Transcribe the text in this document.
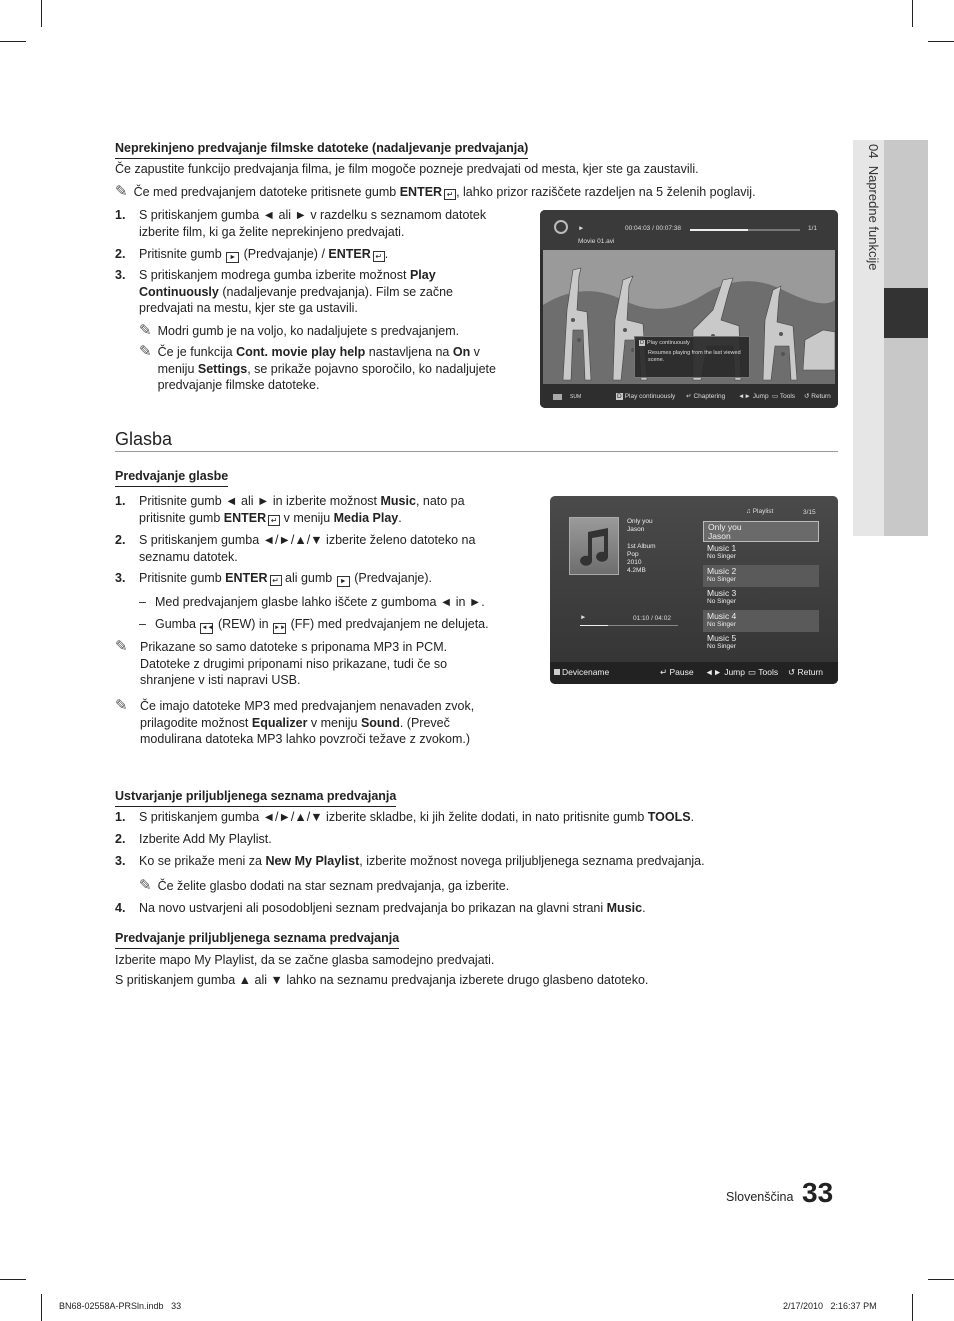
04  Napredne funkcije
Neprekinjeno predvajanje filmske datoteke (nadaljevanje predvajanja)
Če zapustite funkcijo predvajanja filma, je film mogoče pozneje predvajati od mesta, kjer ste ga zaustavili.
✎ Če med predvajanjem datoteke pritisnete gumb ENTER ↵ , lahko prizor raziščete razdeljen na 5 želenih poglavij.
1.	S pritiskanjem gumba ◄ ali ► v razdelku s seznamom datotek izberite film, ki ga želite neprekinjeno predvajati.
2.	Pritisnite gumb ► (Predvajanje) / ENTER ↵ .
3.	S pritiskanjem modrega gumba izberite možnost Play Continuously (nadaljevanje predvajanja). Film se začne predvajati na mestu, kjer ste ga ustavili.
✎ Modri gumb je na voljo, ko nadaljujete s predvajanjem.
✎ Če je funkcija Cont. movie play help nastavljena na On v meniju Settings, se prikaže pojavno sporočilo, ko nadaljujete predvajanje filmske datoteke.
►	00:04:03 / 00:07:38	1/1
Movie 01.avi
D Play continuously
Resumes playing from the last viewed scene.
SUM	D Play continuously ↵ Chaptering ◄► Jump ▭ Tools ↺ Return
Glasba
Predvajanje glasbe
1.	Pritisnite gumb ◄ ali ► in izberite možnost Music, nato pa pritisnite gumb ENTER ↵ v meniju Media Play.
2.	S pritiskanjem gumba ◄/►/▲/▼ izberite želeno datoteko na seznamu datotek.
3.	Pritisnite gumb ENTER ↵ ali gumb ► (Predvajanje).
– Med predvajanjem glasbe lahko iščete z gumboma ◄ in ►.
– Gumba ◄◄ (REW) in ►► (FF) med predvajanjem ne delujeta.
✎ Prikazane so samo datoteke s priponama MP3 in PCM. Datoteke z drugimi priponami niso prikazane, tudi če so shranjene v isti napravi USB.
✎ Če imajo datoteke MP3 med predvajanjem nenavaden zvok, prilagodite možnost Equalizer v meniju Sound. (Preveč modulirana datoteka MP3 lahko povzroči težave z zvokom.)
Only you
Jason
1st Album
Pop
2010
4.2MB
♫ Playlist	3/15
Only you
Jason
Music 1
No Singer
Music 2
No Singer
Music 3
No Singer
Music 4
No Singer
Music 5
No Singer
►	01:10 / 04:02
Devicename	↵ Pause ◄► Jump ▭ Tools ↺ Return
Ustvarjanje priljubljenega seznama predvajanja
1.	S pritiskanjem gumba ◄/►/▲/▼ izberite skladbe, ki jih želite dodati, in nato pritisnite gumb TOOLS.
2.	Izberite Add My Playlist.
3.	Ko se prikaže meni za New My Playlist, izberite možnost novega priljubljenega seznama predvajanja.
✎ Če želite glasbo dodati na star seznam predvajanja, ga izberite.
4.	Na novo ustvarjeni ali posodobljeni seznam predvajanja bo prikazan na glavni strani Music.
Predvajanje priljubljenega seznama predvajanja
Izberite mapo My Playlist, da se začne glasba samodejno predvajati.
S pritiskanjem gumba ▲ ali ▼ lahko na seznamu predvajanja izberete drugo glasbeno datoteko.
Slovenščina 33
BN68-02558A-PRSln.indb   33	2/17/2010   2:16:37 PM
